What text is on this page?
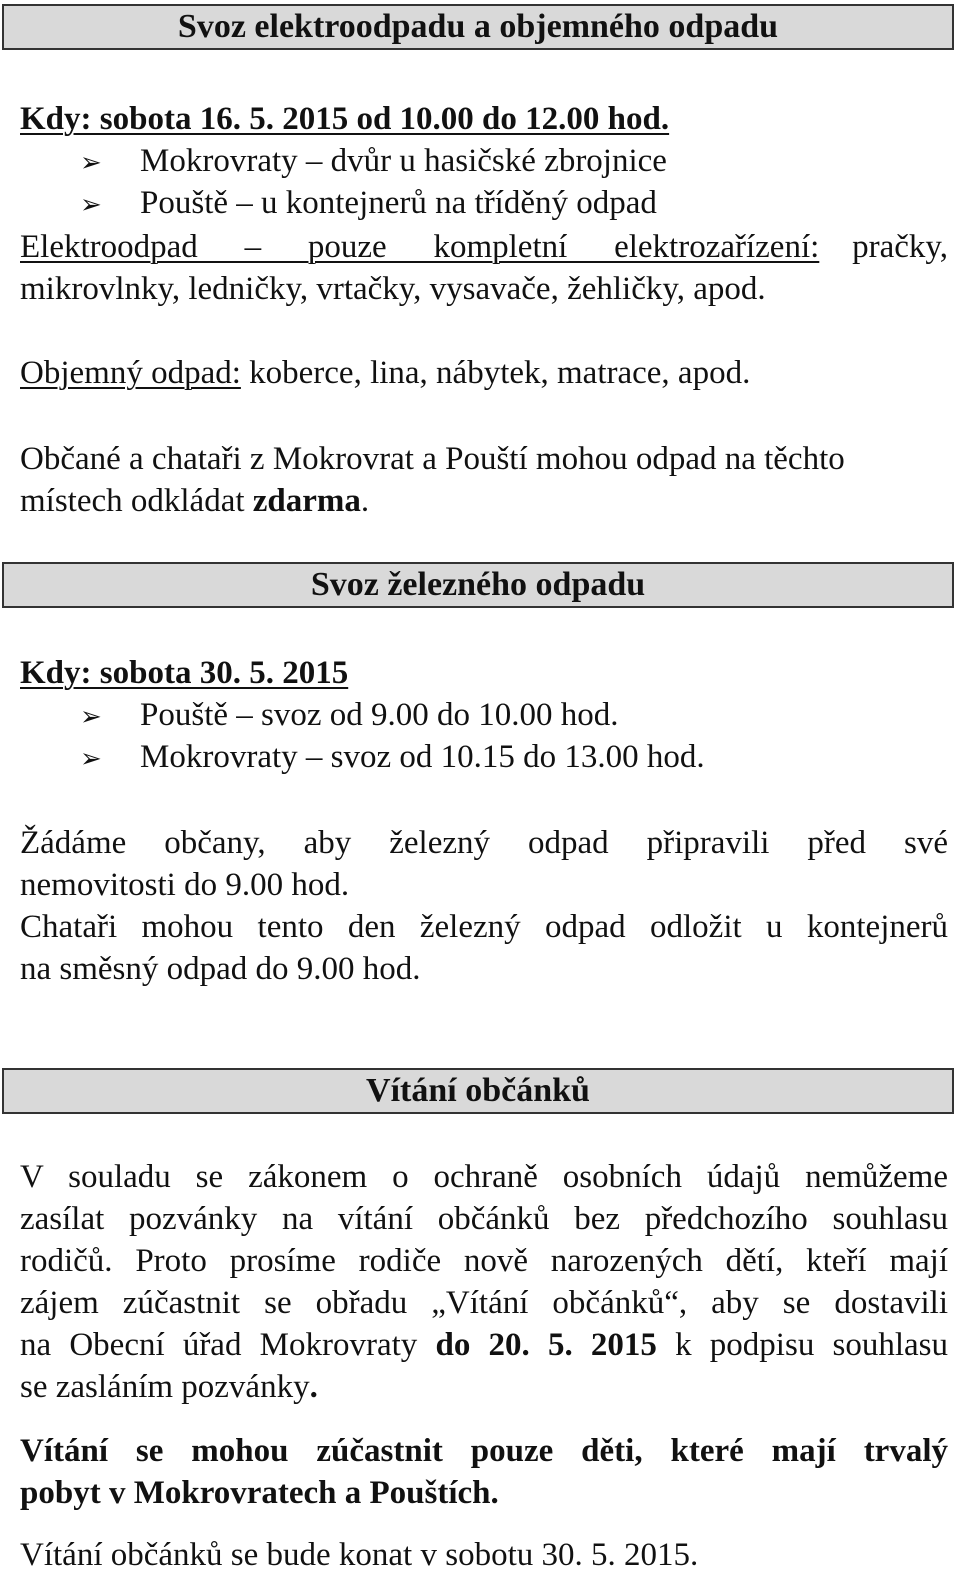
Svoz elektroodpadu a objemného odpadu
Kdy: sobota 16. 5. 2015 od 10.00 do 12.00 hod.
➢ Mokrovraty – dvůr u hasičské zbrojnice
➢ Pouště – u kontejnerů na tříděný odpad
Elektroodpad – pouze kompletní elektrozařízení: pračky,
mikrovlnky, ledničky, vrtačky, vysavače, žehličky, apod.
Objemný odpad: koberce, lina, nábytek, matrace, apod.
Občané a chataři z Mokrovrat a Pouští mohou odpad na těchto
místech odkládat zdarma.
Svoz železného odpadu
Kdy: sobota 30. 5. 2015
➢ Pouště – svoz od 9.00 do 10.00 hod.
➢ Mokrovraty – svoz od 10.15 do 13.00 hod.
Žádáme občany, aby železný odpad připravili před své
nemovitosti do 9.00 hod.
Chataři mohou tento den železný odpad odložit u kontejnerů
na směsný odpad do 9.00 hod.
Vítání občánků
V souladu se zákonem o ochraně osobních údajů nemůžeme
zasílat pozvánky na vítání občánků bez předchozího souhlasu
rodičů. Proto prosíme rodiče nově narozených dětí, kteří mají
zájem zúčastnit se obřadu „Vítání občánků“, aby se dostavili
na Obecní úřad Mokrovraty do 20. 5. 2015 k podpisu souhlasu
se zasláním pozvánky.
Vítání se mohou zúčastnit pouze děti, které mají trvalý
pobyt v Mokrovratech a Pouštích.
Vítání občánků se bude konat v sobotu 30. 5. 2015.
